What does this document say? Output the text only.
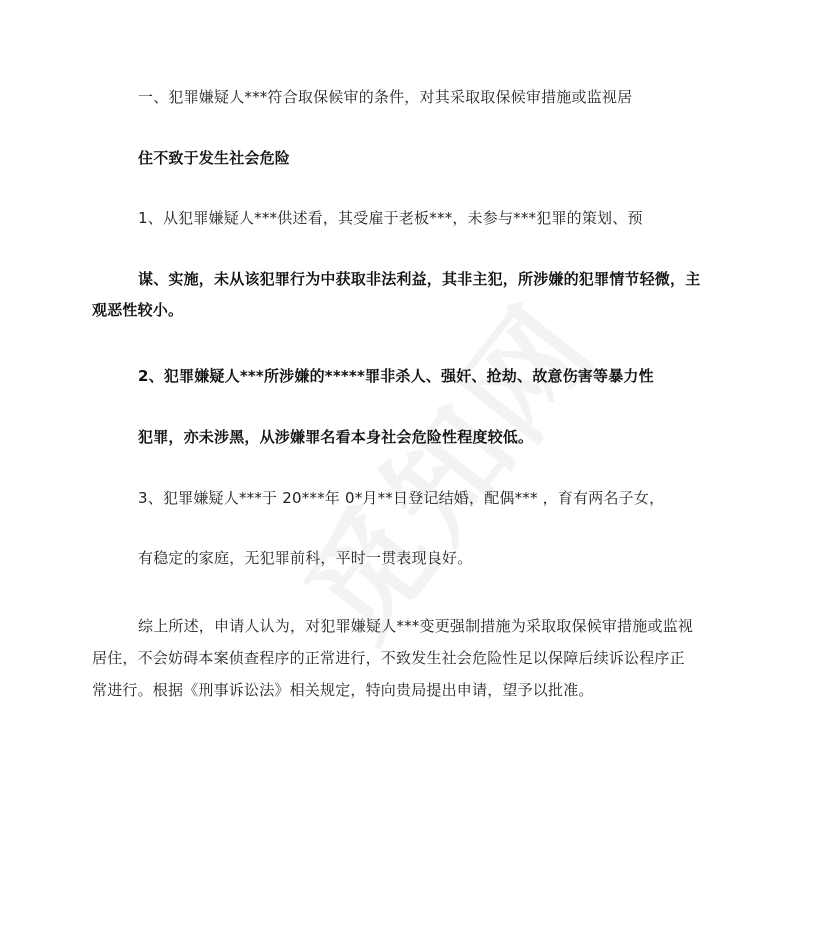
一、犯罪嫌疑人***符合取保候审的条件，对其采取取保候审措施或监视居
住不致于发生社会危险
1、从犯罪嫌疑人***供述看，其受雇于老板***，未参与***犯罪的策划、预
谋、实施，未从该犯罪行为中获取非法利益，其非主犯，所涉嫌的犯罪情节轻微，主
观恶性较小。
2、犯罪嫌疑人***所涉嫌的*****罪非杀人、强奸、抢劫、故意伤害等暴力性
犯罪，亦未涉黑，从涉嫌罪名看本身社会危险性程度较低。
3、犯罪嫌疑人***于 20***年 0*月**日登记结婚，配偶*** ，育有两名子女，
有稳定的家庭，无犯罪前科，平时一贯表现良好。
综上所述，申请人认为，对犯罪嫌疑人***变更强制措施为采取取保候审措施或监视
居住，不会妨碍本案侦查程序的正常进行，不致发生社会危险性足以保障后续诉讼程序正
常进行。根据《刑事诉讼法》相关规定，特向贵局提出申请，望予以批准。
